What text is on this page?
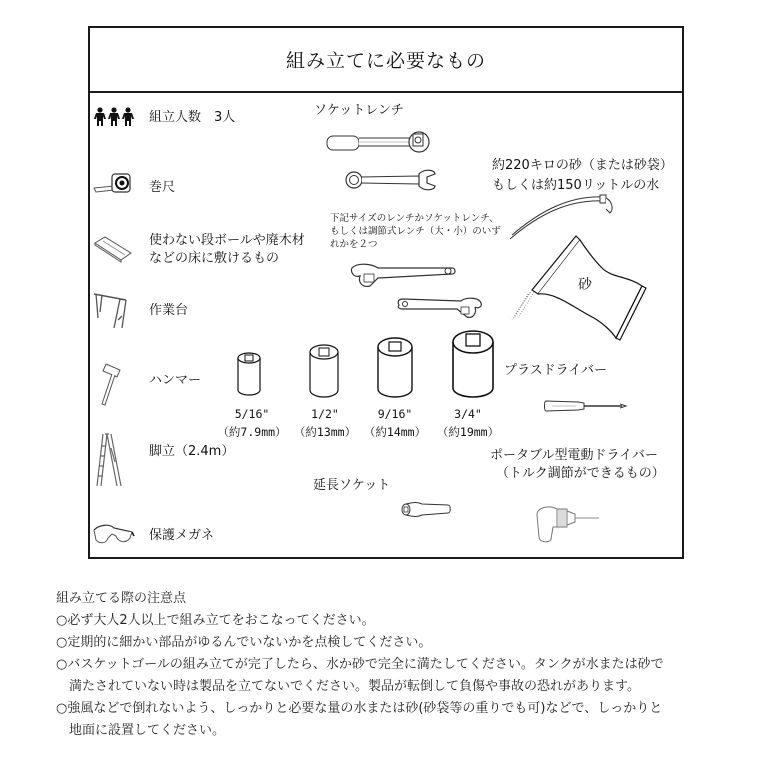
組み立てに必要なもの
組立人数　3人
巻尺
使わない段ボールや廃木材
などの床に敷けるもの
作業台
ハンマー
脚立（2.4m）
保護メガネ
ソケットレンチ
下記サイズのレンチかソケットレンチ、
もしくは調節式レンチ（大・小）のいず
れかを２つ
5/16"
（約7.9mm）
1/2"
（約13mm）
9/16"
（約14mm）
3/4"
（約19mm）
延長ソケット
約220キロの砂（または砂袋）
もしくは約150リットルの水
砂
プラスドライバー
ポータブル型電動ドライバー
（トルク調節ができるもの）
組み立てる際の注意点
○必ず大人2人以上で組み立てをおこなってください。
○定期的に細かい部品がゆるんでいないかを点検してください。
○バスケットゴールの組み立てが完了したら、水か砂で完全に満たしてください。タンクが水または砂で
満たされていない時は製品を立てないでください。製品が転倒して負傷や事故の恐れがあります。
○強風などで倒れないよう、しっかりと必要な量の水または砂(砂袋等の重りでも可)などで、しっかりと
地面に設置してください。
